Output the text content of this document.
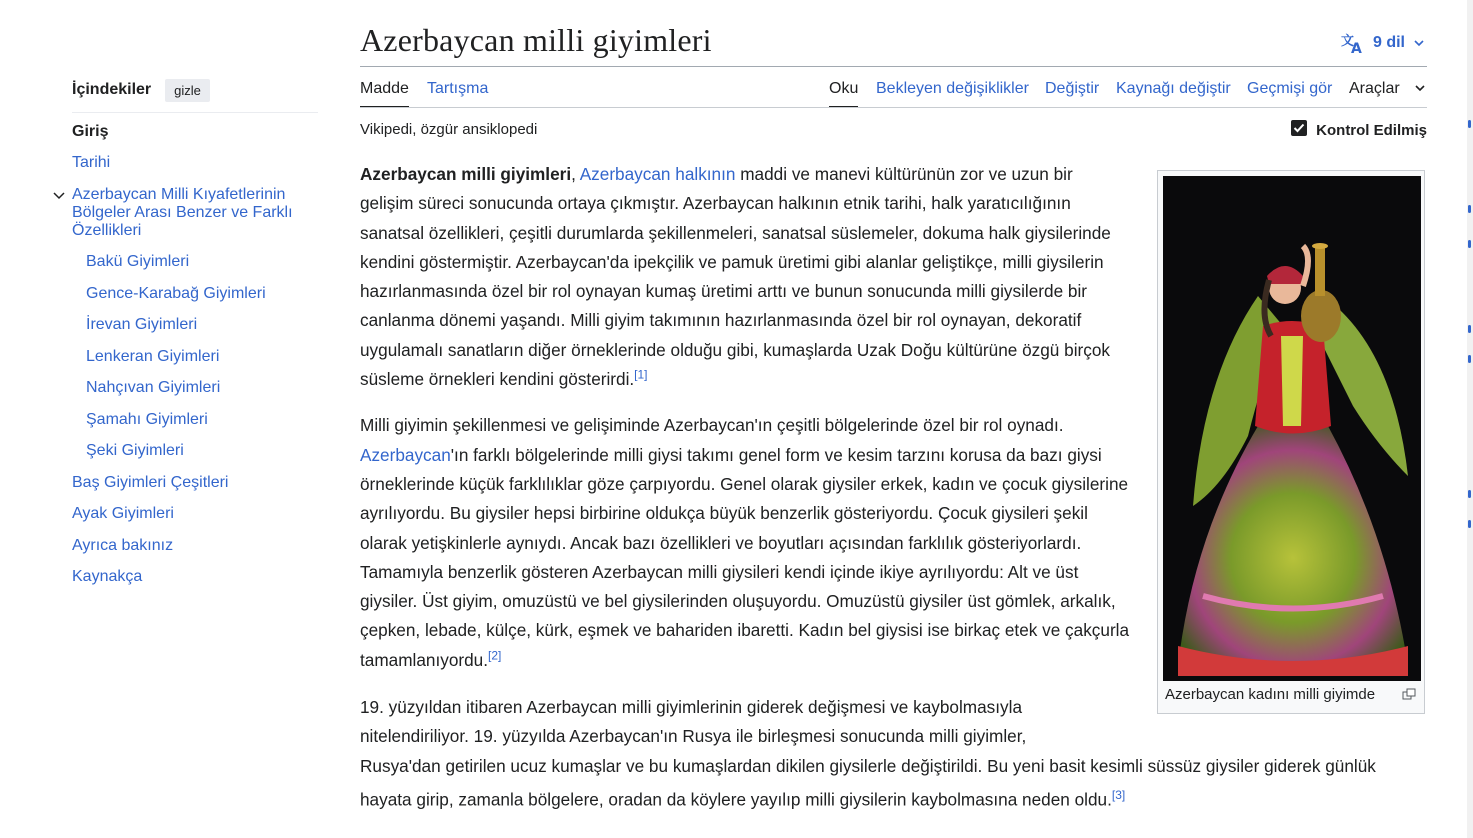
Azerbaycan milli giyimleri	文
A 9 dil
Madde Tartışma	Oku Bekleyen değişiklikler Değiştir Kaynağı değiştir Geçmişi gör Araçlar
Vikipedi, özgür ansiklopedi	Kontrol Edilmiş
İçindekiler	gizle
Giriş
Tarihi
Azerbaycan Milli Kıyafetlerinin Bölgeler Arası Benzer ve Farklı Özellikleri
Bakü Giyimleri
Gence-Karabağ Giyimleri
İrevan Giyimleri
Lenkeran Giyimleri
Nahçıvan Giyimleri
Şamahı Giyimleri
Şeki Giyimleri
Baş Giyimleri Çeşitleri
Ayak Giyimleri
Ayrıca bakınız
Kaynakça

Azerbaycan milli giyimleri, Azerbaycan halkının maddi ve manevi kültürünün zor ve uzun bir gelişim süreci sonucunda ortaya çıkmıştır. Azerbaycan halkının etnik tarihi, halk yaratıcılığının sanatsal özellikleri, çeşitli durumlarda şekillenmeleri, sanatsal süslemeler, dokuma halk giysilerinde kendini göstermiştir. Azerbaycan'da ipekçilik ve pamuk üretimi gibi alanlar geliştikçe, milli giysilerin hazırlanmasında özel bir rol oynayan kumaş üretimi arttı ve bunun sonucunda milli giysilerde bir canlanma dönemi yaşandı. Milli giyim takımının hazırlanmasında özel bir rol oynayan, dekoratif uygulamalı sanatların diğer örneklerinde olduğu gibi, kumaşlarda Uzak Doğu kültürüne özgü birçok süsleme örnekleri kendini gösterirdi.[1]

Milli giyimin şekillenmesi ve gelişiminde Azerbaycan'ın çeşitli bölgelerinde özel bir rol oynadı. Azerbaycan'ın farklı bölgelerinde milli giysi takımı genel form ve kesim tarzını korusa da bazı giysi örneklerinde küçük farklılıklar göze çarpıyordu. Genel olarak giysiler erkek, kadın ve çocuk giysilerine ayrılıyordu. Bu giysiler hepsi birbirine oldukça büyük benzerlik gösteriyordu. Çocuk giysileri şekil olarak yetişkinlerle aynıydı. Ancak bazı özellikleri ve boyutları açısından farklılık gösteriyorlardı. Tamamıyla benzerlik gösteren Azerbaycan milli giysileri kendi içinde ikiye ayrılıyordu: Alt ve üst giysiler. Üst giyim, omuzüstü ve bel giysilerinden oluşuyordu. Omuzüstü giysiler üst gömlek, arkalık, çepken, lebade, külçe, kürk, eşmek ve bahariden ibaretti. Kadın bel giysisi ise birkaç etek ve çakçurla tamamlanıyordu.[2]

19. yüzyıldan itibaren Azerbaycan milli giyimlerinin giderek değişmesi ve kaybolmasıyla
nitelendiriliyor. 19. yüzyılda Azerbaycan'ın Rusya ile birleşmesi sonucunda milli giyimler,
Rusya'dan getirilen ucuz kumaşlar ve bu kumaşlardan dikilen giysilerle değiştirildi. Bu yeni basit kesimli süssüz giysiler giderek günlük
hayata girip, zamanla bölgelere, oradan da köylere yayılıp milli giysilerin kaybolmasına neden oldu.[3]
Azerbaycan kadını milli giyimde
